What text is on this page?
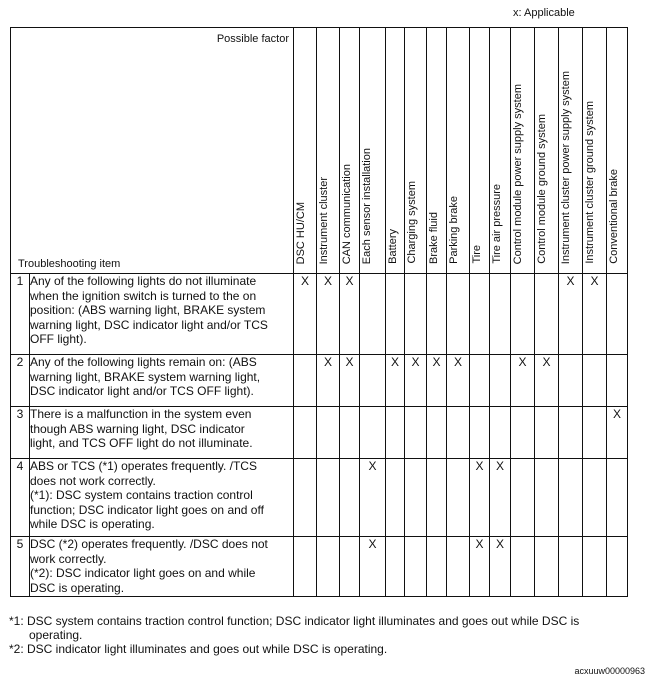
x: Applicable
Possible factor
Troubleshooting item		DSC HU/CM	Instrument cluster	CAN communication	Each sensor installation	Battery	Charging system	Brake fluid	Parking brake	Tire	Tire air pressure	Control module power supply system	Control module ground system	Instrument cluster power supply system	Instrument cluster ground system	Conventional brake
1	Any of the following lights do not illuminate
when the ignition switch is turned to the on
position: (ABS warning light, BRAKE system
warning light, DSC indicator light and/or TCS
OFF light).	X	X	X										X	X	
2	Any of the following lights remain on: (ABS
warning light, BRAKE system warning light,
DSC indicator light and/or TCS OFF light).		X	X		X	X	X	X			X	X			
3	There is a malfunction in the system even
though ABS warning light, DSC indicator
light, and TCS OFF light do not illuminate.															X
4	ABS or TCS (*1) operates frequently. /TCS
does not work correctly.
(*1): DSC system contains traction control
function; DSC indicator light goes on and off
while DSC is operating.				X					X	X					
5	DSC (*2) operates frequently. /DSC does not
work correctly.
(*2): DSC indicator light goes on and while
DSC is operating.				X					X	X					
*1: DSC system contains traction control function; DSC indicator light illuminates and goes out while DSC is
operating.
*2: DSC indicator light illuminates and goes out while DSC is operating.
acxuuw00000963
